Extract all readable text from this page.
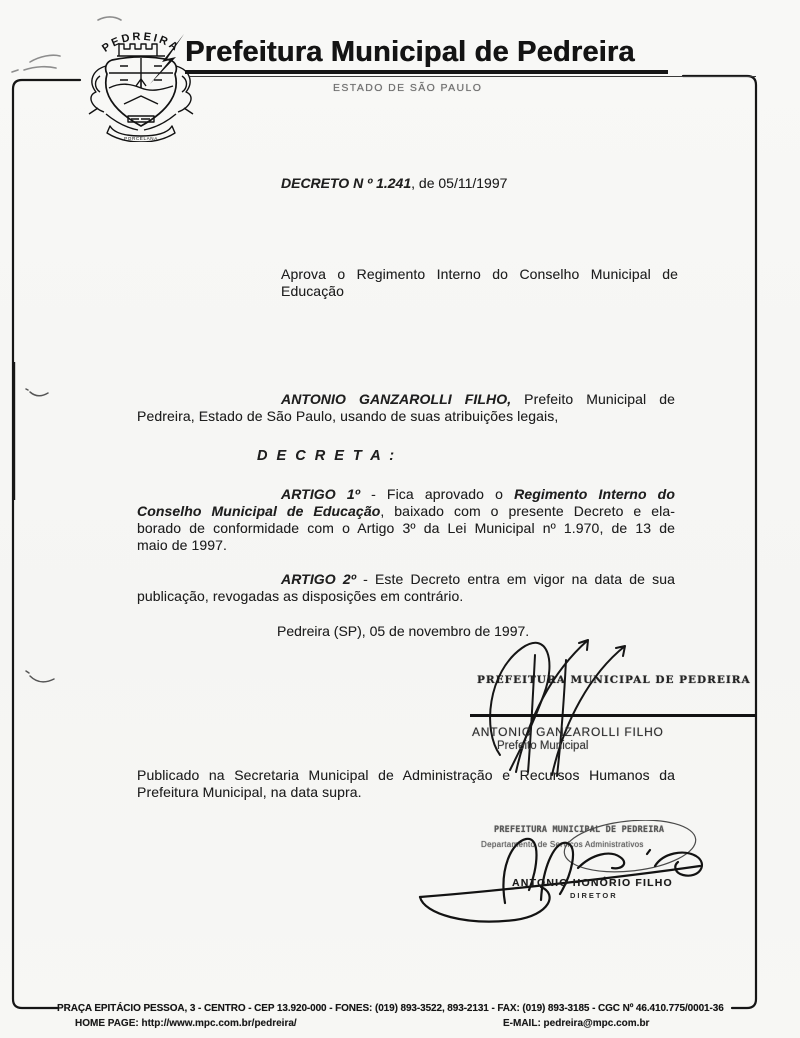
PEDREIRA
PORCELANA
Prefeitura Municipal de Pedreira
ESTADO DE SÃO PAULO
DECRETO N º 1.241, de 05/11/1997
Aprova o Regimento Interno do Conselho Municipal de
Educação
ANTONIO GANZAROLLI FILHO, Prefeito Municipal de
Pedreira, Estado de São Paulo, usando de suas atribuições legais,
D E C R E T A :
ARTIGO 1º - Fica aprovado o Regimento Interno do
Conselho Municipal de Educação, baixado com o presente Decreto e ela-
borado de conformidade com o Artigo 3º da Lei Municipal nº 1.970, de 13 de
maio de 1997.
ARTIGO 2º - Este Decreto entra em vigor na data de sua
publicação, revogadas as disposições em contrário.
Pedreira (SP), 05 de novembro de 1997.
PREFEITURA MUNICIPAL DE PEDREIRA
ANTONIO GANZAROLLI FILHO
Prefeito Municipal
Publicado na Secretaria Municipal de Administração e Recursos Humanos da
Prefeitura Municipal, na data supra.
PREFEITURA MUNICIPAL DE PEDREIRA
Departamento de Serviços Administrativos
ANTONIO HONÓRIO FILHO
DIRETOR
PRAÇA EPITÁCIO PESSOA, 3 - CENTRO - CEP 13.920-000 - FONES: (019) 893-3522, 893-2131 - FAX: (019) 893-3185 - CGC Nº 46.410.775/0001-36
HOME PAGE: http://www.mpc.com.br/pedreira/	E-MAIL: pedreira@mpc.com.br
